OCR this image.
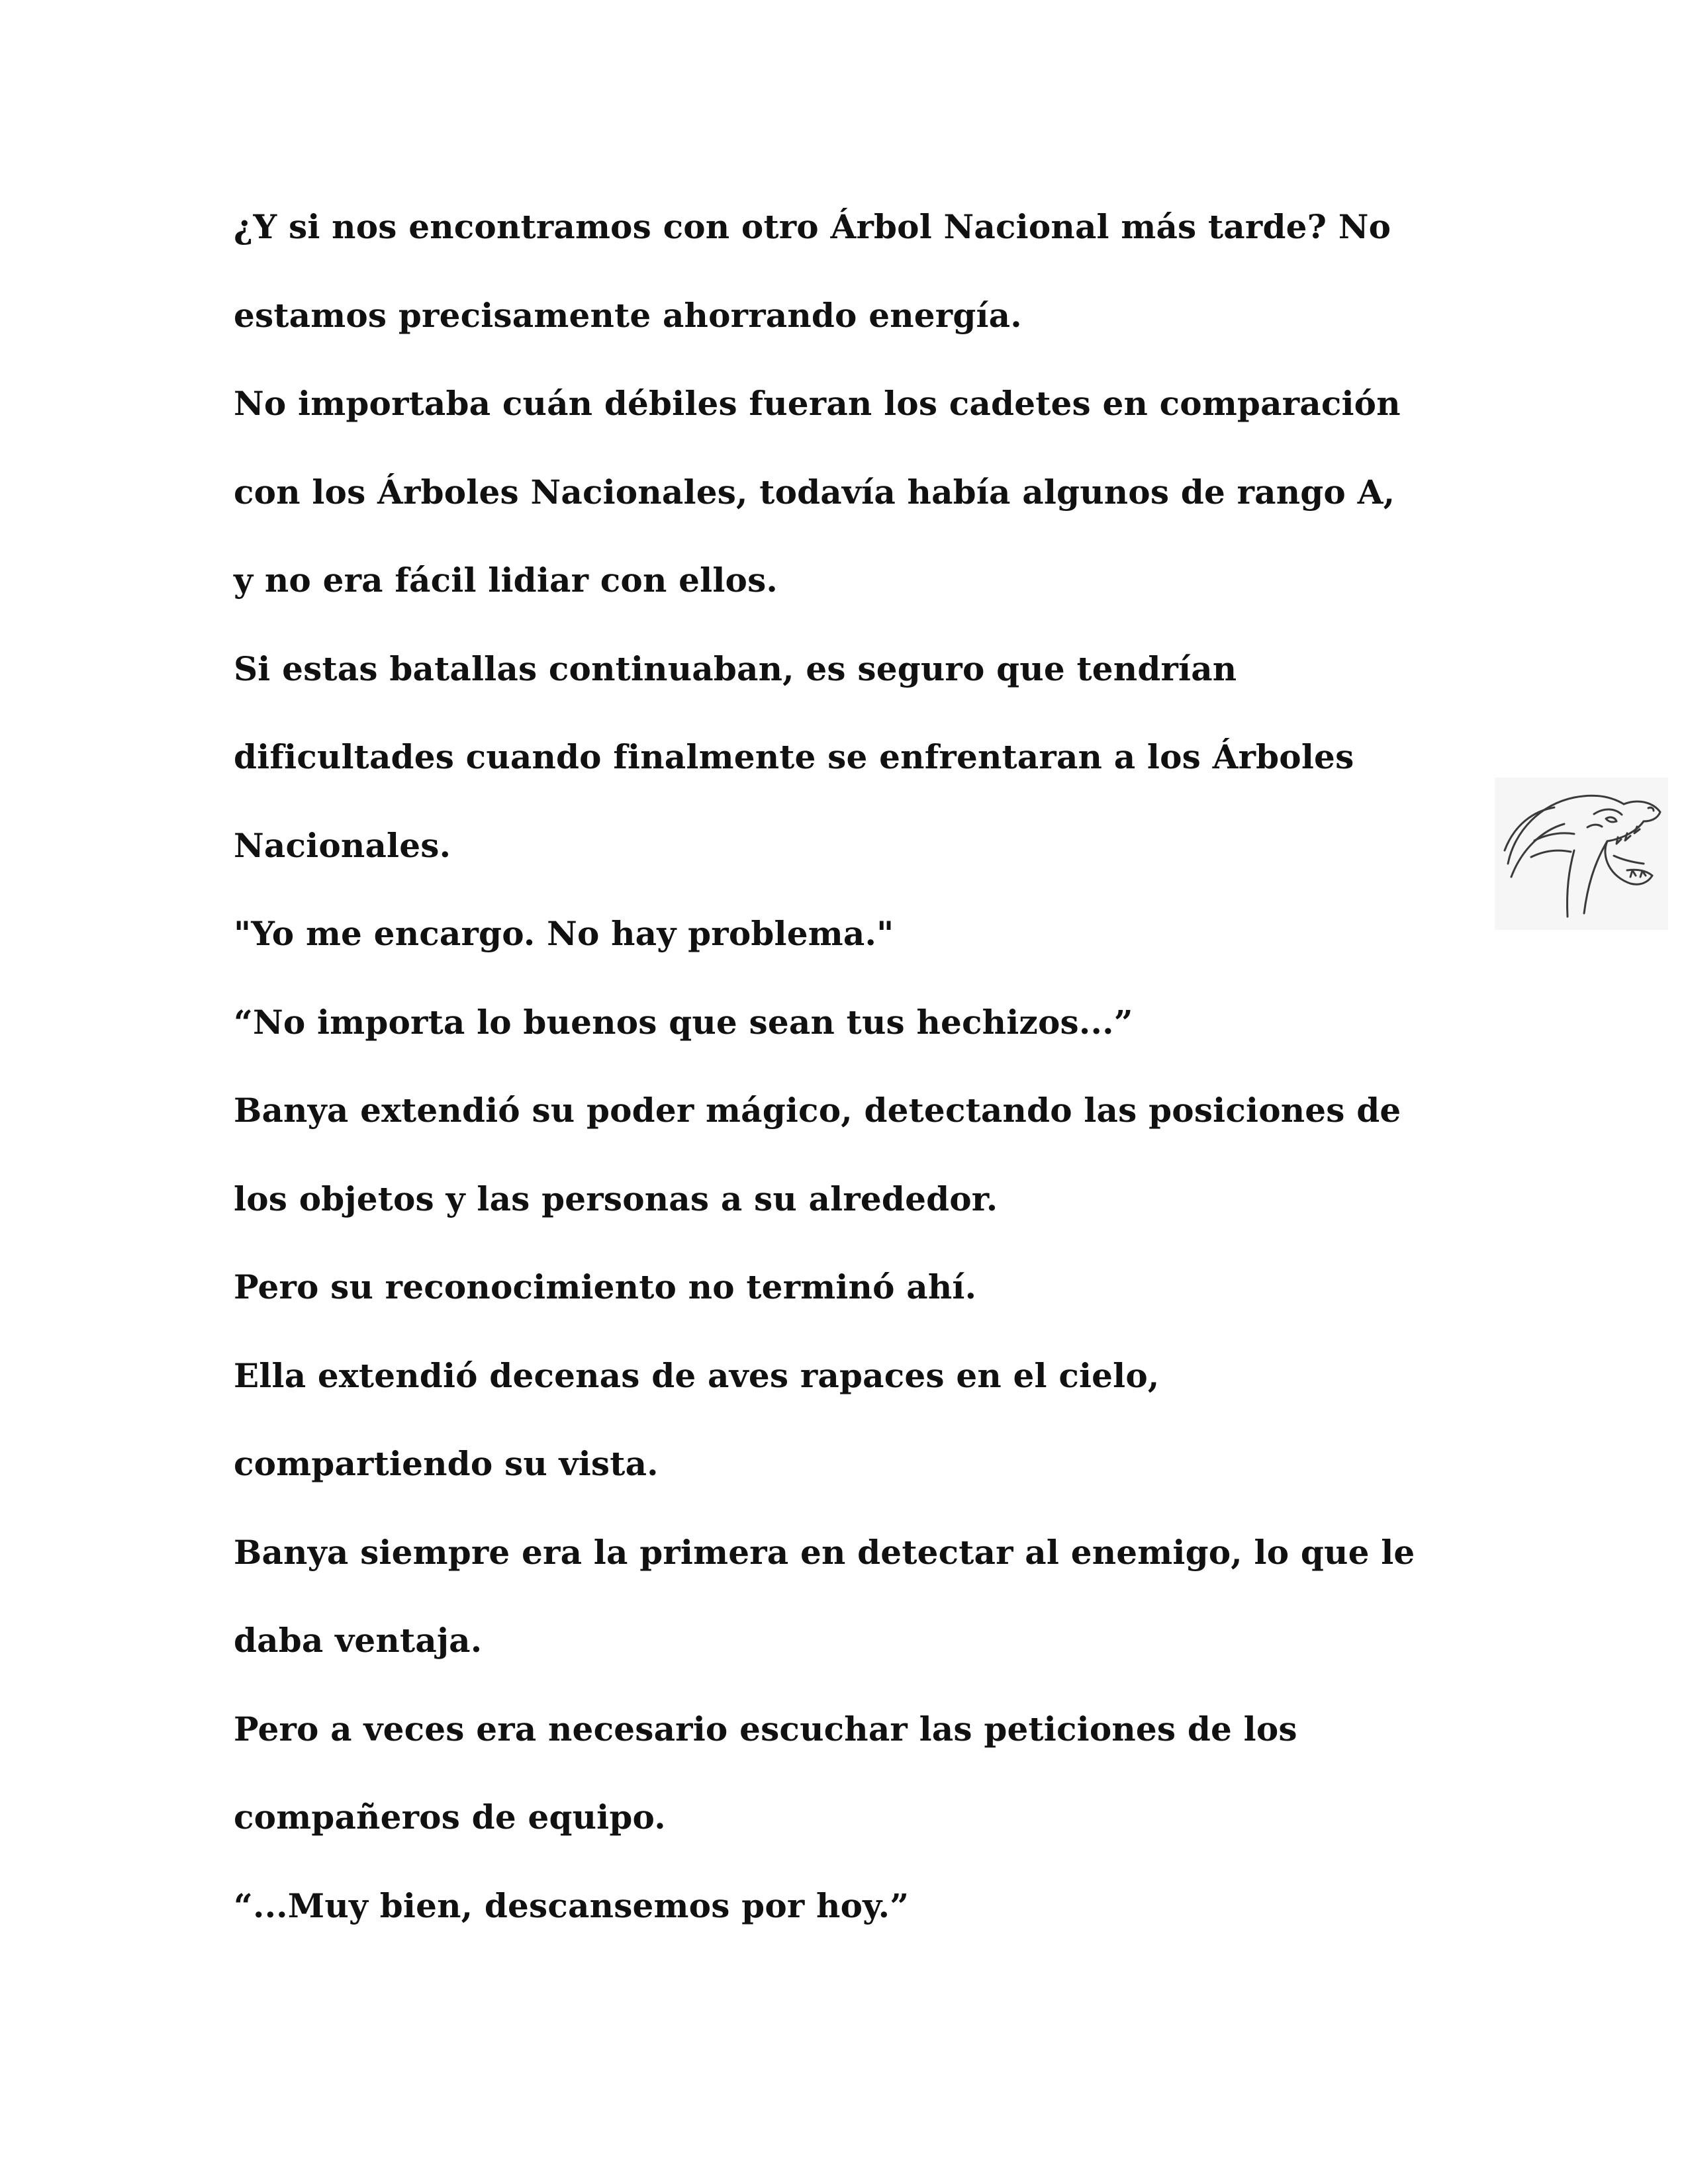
¿Y si nos encontramos con otro Árbol Nacional más tarde? No
estamos precisamente ahorrando energía.
No importaba cuán débiles fueran los cadetes en comparación
con los Árboles Nacionales, todavía había algunos de rango A,
y no era fácil lidiar con ellos.
Si estas batallas continuaban, es seguro que tendrían
dificultades cuando finalmente se enfrentaran a los Árboles
Nacionales.
"Yo me encargo. No hay problema."
“No importa lo buenos que sean tus hechizos...”
Banya extendió su poder mágico, detectando las posiciones de
los objetos y las personas a su alrededor.
Pero su reconocimiento no terminó ahí.
Ella extendió decenas de aves rapaces en el cielo,
compartiendo su vista.
Banya siempre era la primera en detectar al enemigo, lo que le
daba ventaja.
Pero a veces era necesario escuchar las peticiones de los
compañeros de equipo.
“...Muy bien, descansemos por hoy.”
